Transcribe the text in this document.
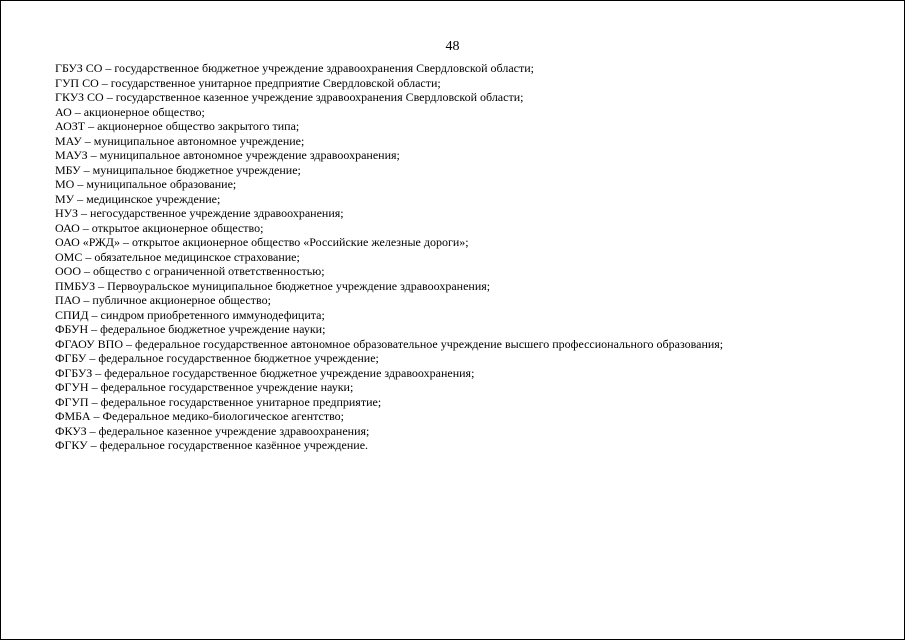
48
ГБУЗ СО – государственное бюджетное учреждение здравоохранения Свердловской области;
ГУП СО – государственное унитарное предприятие Свердловской области;
ГКУЗ СО – государственное казенное учреждение здравоохранения Свердловской области;
АО – акционерное общество;
АОЗТ – акционерное общество закрытого типа;
МАУ – муниципальное автономное учреждение;
МАУЗ – муниципальное автономное учреждение здравоохранения;
МБУ – муниципальное бюджетное учреждение;
МО – муниципальное образование;
МУ – медицинское учреждение;
НУЗ – негосударственное учреждение здравоохранения;
ОАО – открытое акционерное общество;
ОАО «РЖД» – открытое акционерное общество «Российские железные дороги»;
ОМС – обязательное медицинское страхование;
ООО – общество с ограниченной ответственностью;
ПМБУЗ – Первоуральское муниципальное бюджетное учреждение здравоохранения;
ПАО – публичное акционерное общество;
СПИД – синдром приобретенного иммунодефицита;
ФБУН – федеральное бюджетное учреждение науки;
ФГАОУ ВПО – федеральное государственное автономное образовательное учреждение высшего профессионального образования;
ФГБУ – федеральное государственное бюджетное учреждение;
ФГБУЗ – федеральное государственное бюджетное учреждение здравоохранения;
ФГУН – федеральное государственное учреждение науки;
ФГУП – федеральное государственное унитарное предприятие;
ФМБА – Федеральное медико-биологическое агентство;
ФКУЗ – федеральное казенное учреждение здравоохранения;
ФГКУ – федеральное государственное казённое учреждение.
